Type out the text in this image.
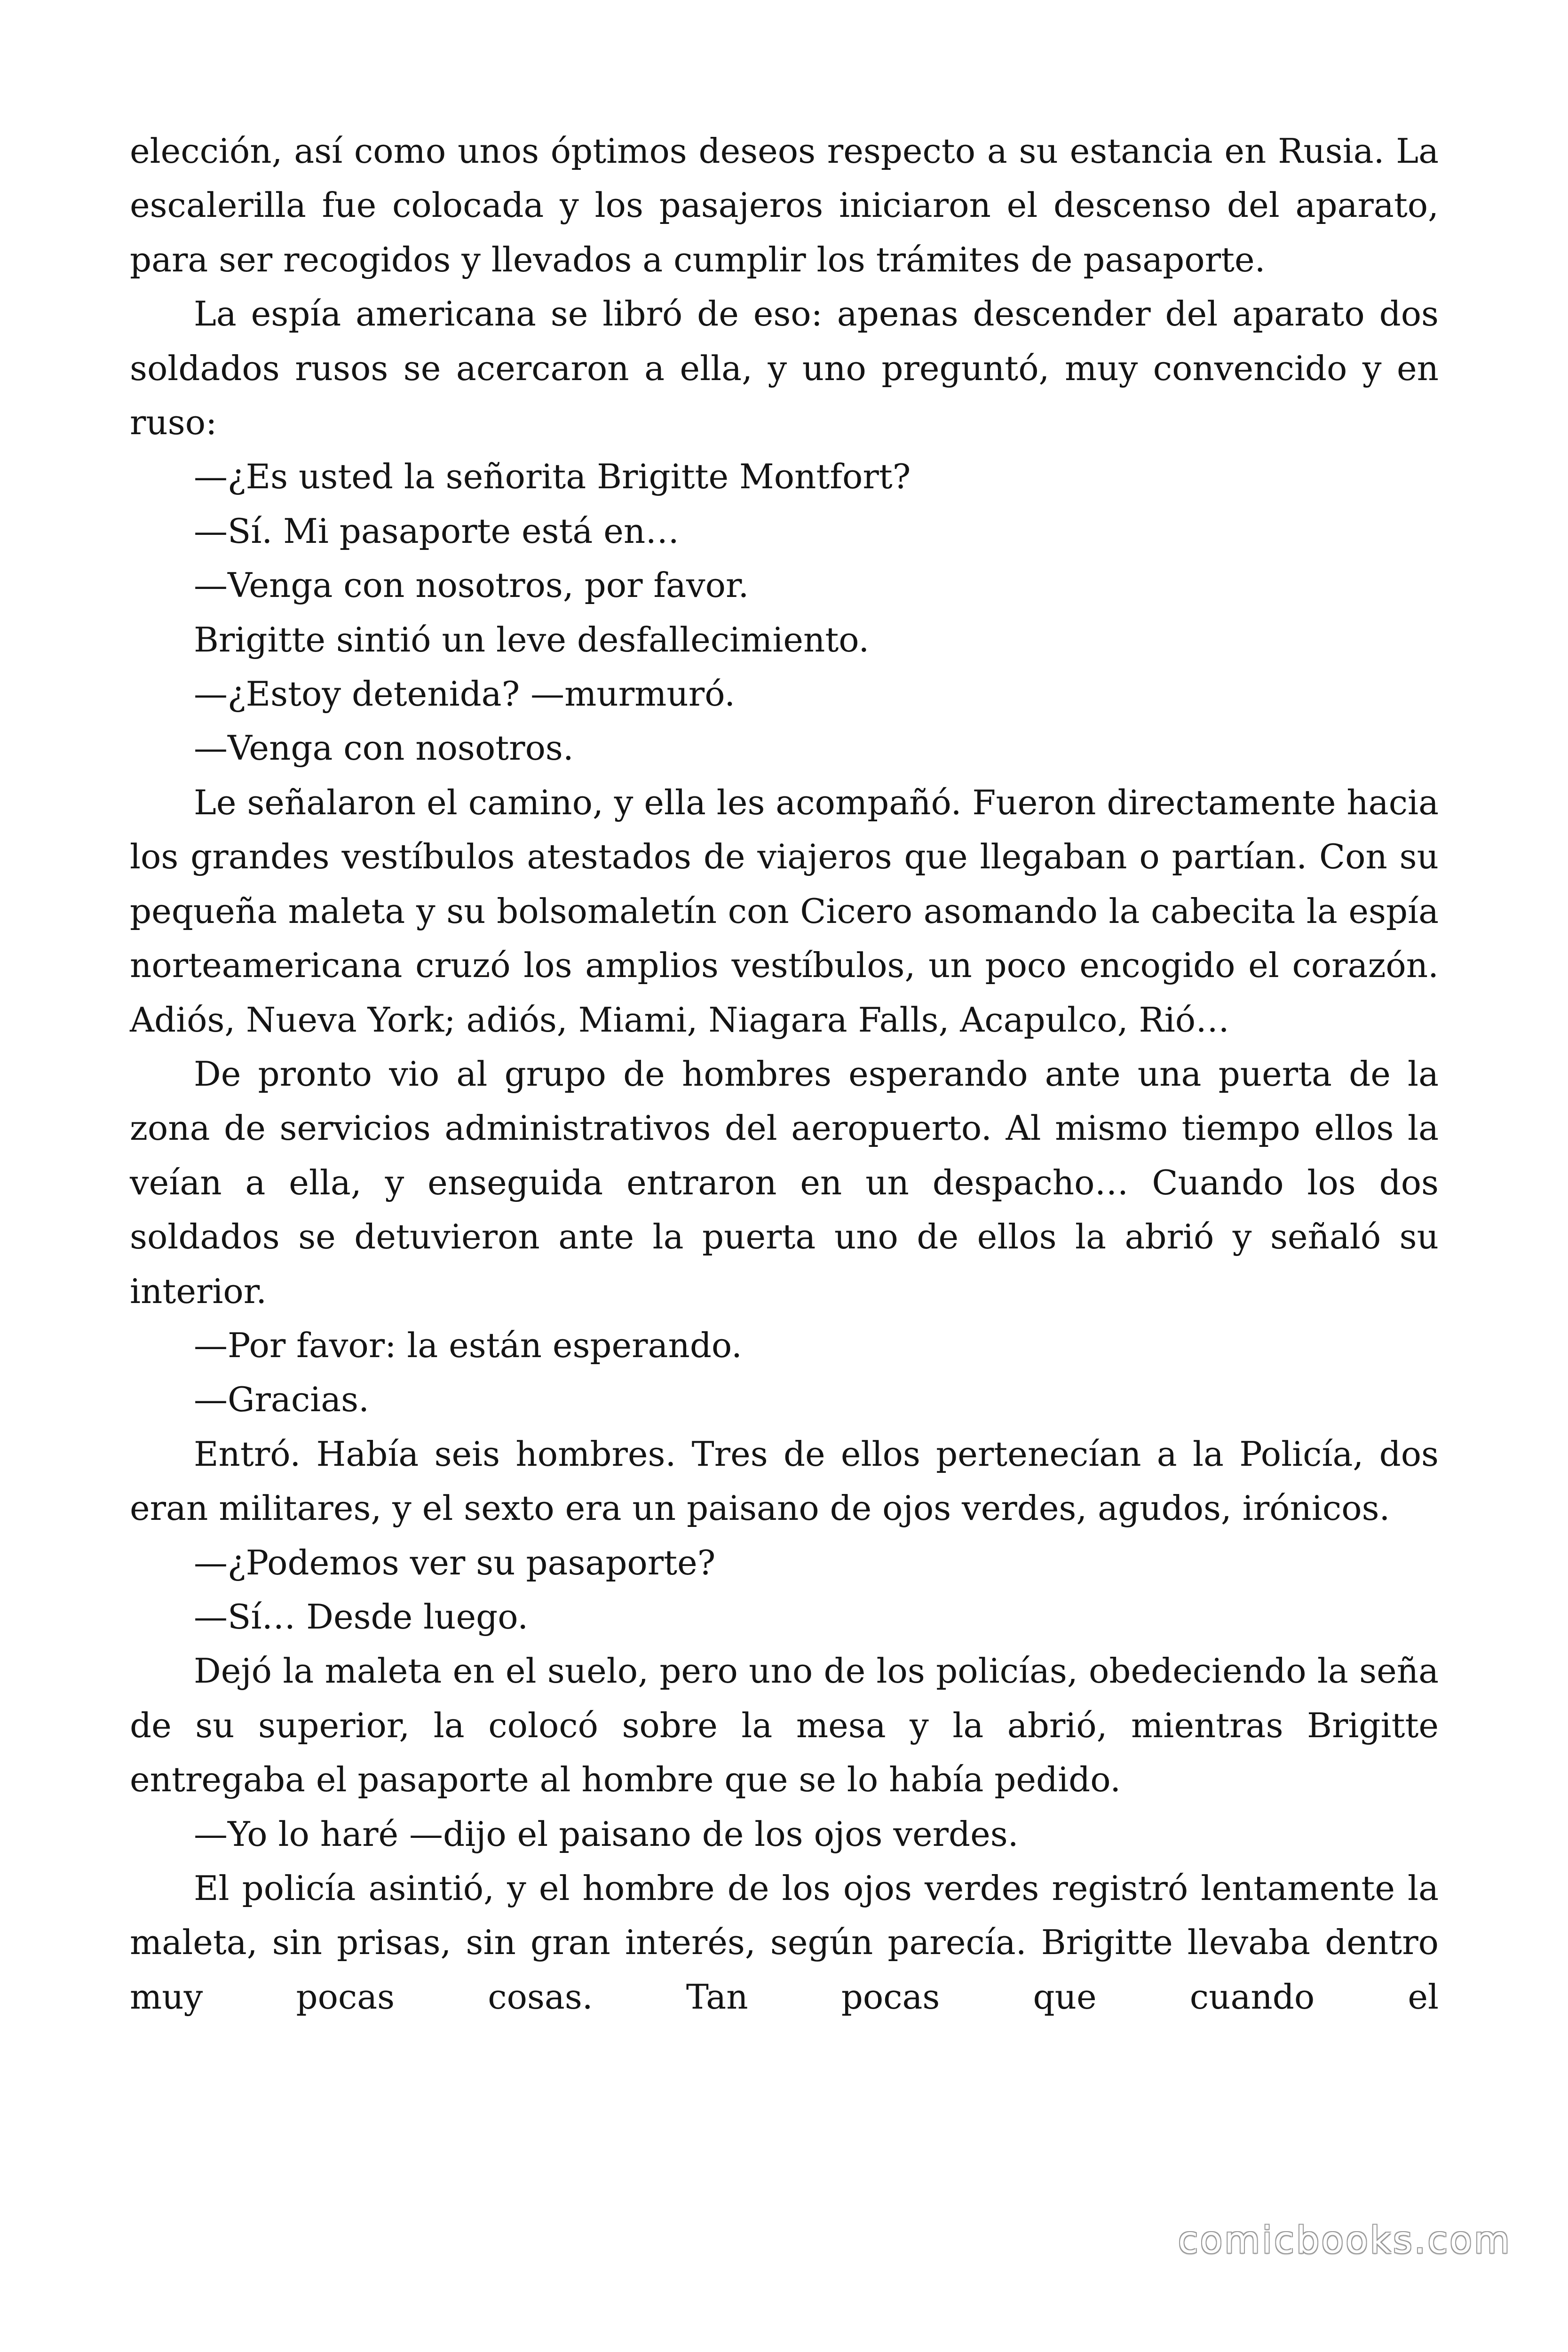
elección, así como unos óptimos deseos respecto a su estancia en Rusia. La escalerilla fue colocada y los pasajeros iniciaron el descenso del aparato, para ser recogidos y llevados a cumplir los trámites de pasaporte.

La espía americana se libró de eso: apenas descender del aparato dos soldados rusos se acercaron a ella, y uno preguntó, muy convencido y en ruso:

—¿Es usted la señorita Brigitte Montfort?

—Sí. Mi pasaporte está en…

—Venga con nosotros, por favor.

Brigitte sintió un leve desfallecimiento.

—¿Estoy detenida? —murmuró.

—Venga con nosotros.

Le señalaron el camino, y ella les acompañó. Fueron directamente hacia los grandes vestíbulos atestados de viajeros que llegaban o partían. Con su pequeña maleta y su bolsomaletín con Cicero asomando la cabecita la espía norteamericana cruzó los amplios vestíbulos, un poco encogido el corazón. Adiós, Nueva York; adiós, Miami, Niagara Falls, Acapulco, Rió…

De pronto vio al grupo de hombres esperando ante una puerta de la zona de servicios administrativos del aeropuerto. Al mismo tiempo ellos la veían a ella, y enseguida entraron en un despacho… Cuando los dos soldados se detuvieron ante la puerta uno de ellos la abrió y señaló su interior.

—Por favor: la están esperando.

—Gracias.

Entró. Había seis hombres. Tres de ellos pertenecían a la Policía, dos eran militares, y el sexto era un paisano de ojos verdes, agudos, irónicos.

—¿Podemos ver su pasaporte?

—Sí… Desde luego.

Dejó la maleta en el suelo, pero uno de los policías, obedeciendo la seña de su superior, la colocó sobre la mesa y la abrió, mientras Brigitte entregaba el pasaporte al hombre que se lo había pedido.

—Yo lo haré —dijo el paisano de los ojos verdes.

El policía asintió, y el hombre de los ojos verdes registró lentamente la maleta, sin prisas, sin gran interés, según parecía. Brigitte llevaba dentro muy pocas cosas. Tan pocas que cuando el

comicbooks.com
